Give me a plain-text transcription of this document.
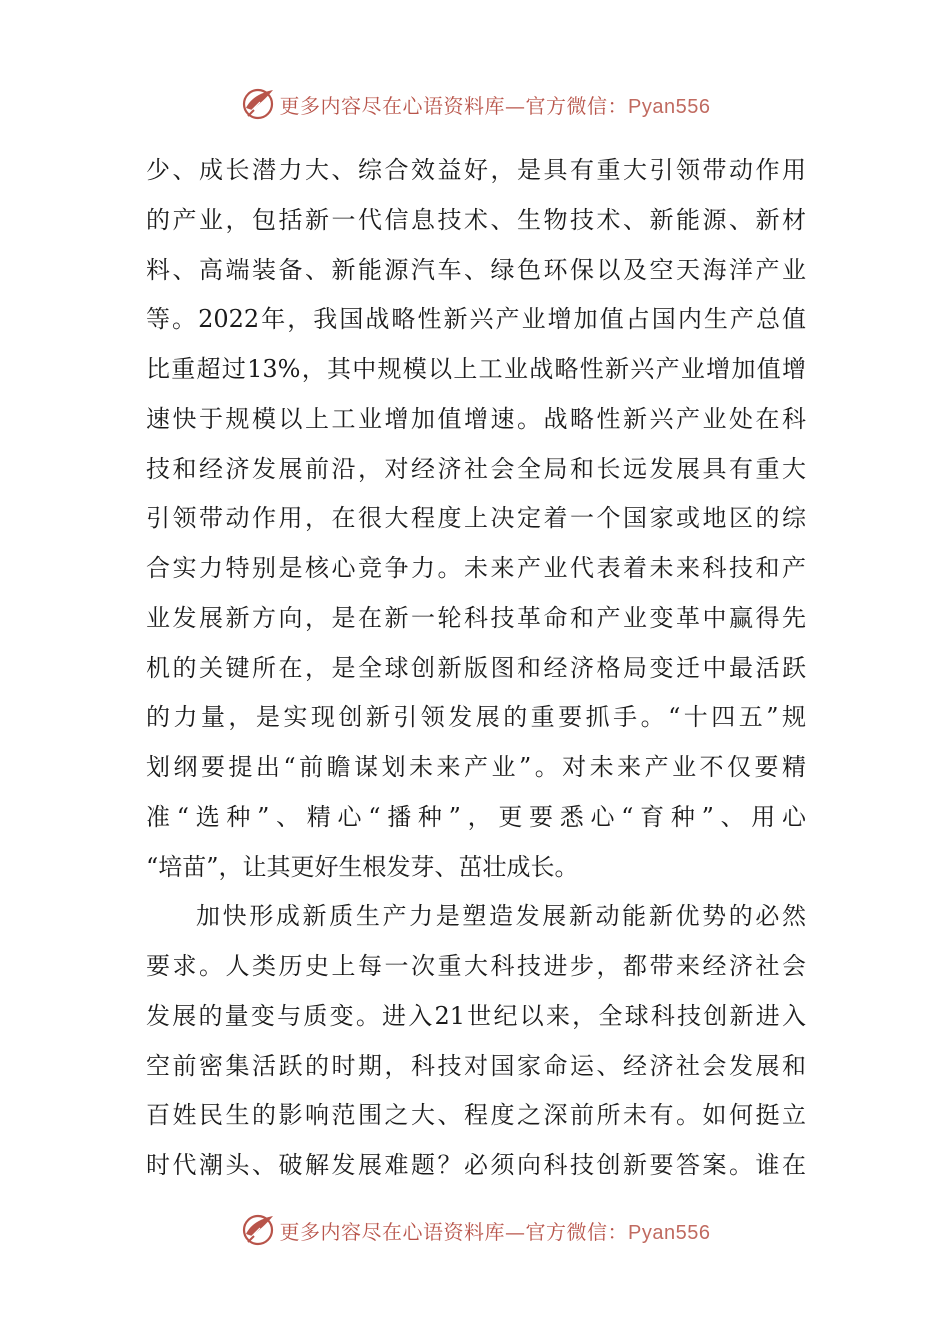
更多内容尽在心语资料库—官方微信：Pyan556
少、成长潜力大、综合效益好，是具有重大引领带动作用
的产业，包括新一代信息技术、生物技术、新能源、新材
料、高端装备、新能源汽车、绿色环保以及空天海洋产业
等。2022年，我国战略性新兴产业增加值占国内生产总值
比重超过13%，其中规模以上工业战略性新兴产业增加值增
速快于规模以上工业增加值增速。战略性新兴产业处在科
技和经济发展前沿，对经济社会全局和长远发展具有重大
引领带动作用，在很大程度上决定着一个国家或地区的综
合实力特别是核心竞争力。未来产业代表着未来科技和产
业发展新方向，是在新一轮科技革命和产业变革中赢得先
机的关键所在，是全球创新版图和经济格局变迁中最活跃
的力量，是实现创新引领发展的重要抓手。“十四五”规
划纲要提出“前瞻谋划未来产业”。对未来产业不仅要精
准“选种”、精心“播种”，更要悉心“育种”、用心
“培苗”，让其更好生根发芽、茁壮成长。
加快形成新质生产力是塑造发展新动能新优势的必然
要求。人类历史上每一次重大科技进步，都带来经济社会
发展的量变与质变。进入21世纪以来，全球科技创新进入
空前密集活跃的时期，科技对国家命运、经济社会发展和
百姓民生的影响范围之大、程度之深前所未有。如何挺立
时代潮头、破解发展难题？必须向科技创新要答案。谁在
更多内容尽在心语资料库—官方微信：Pyan556
